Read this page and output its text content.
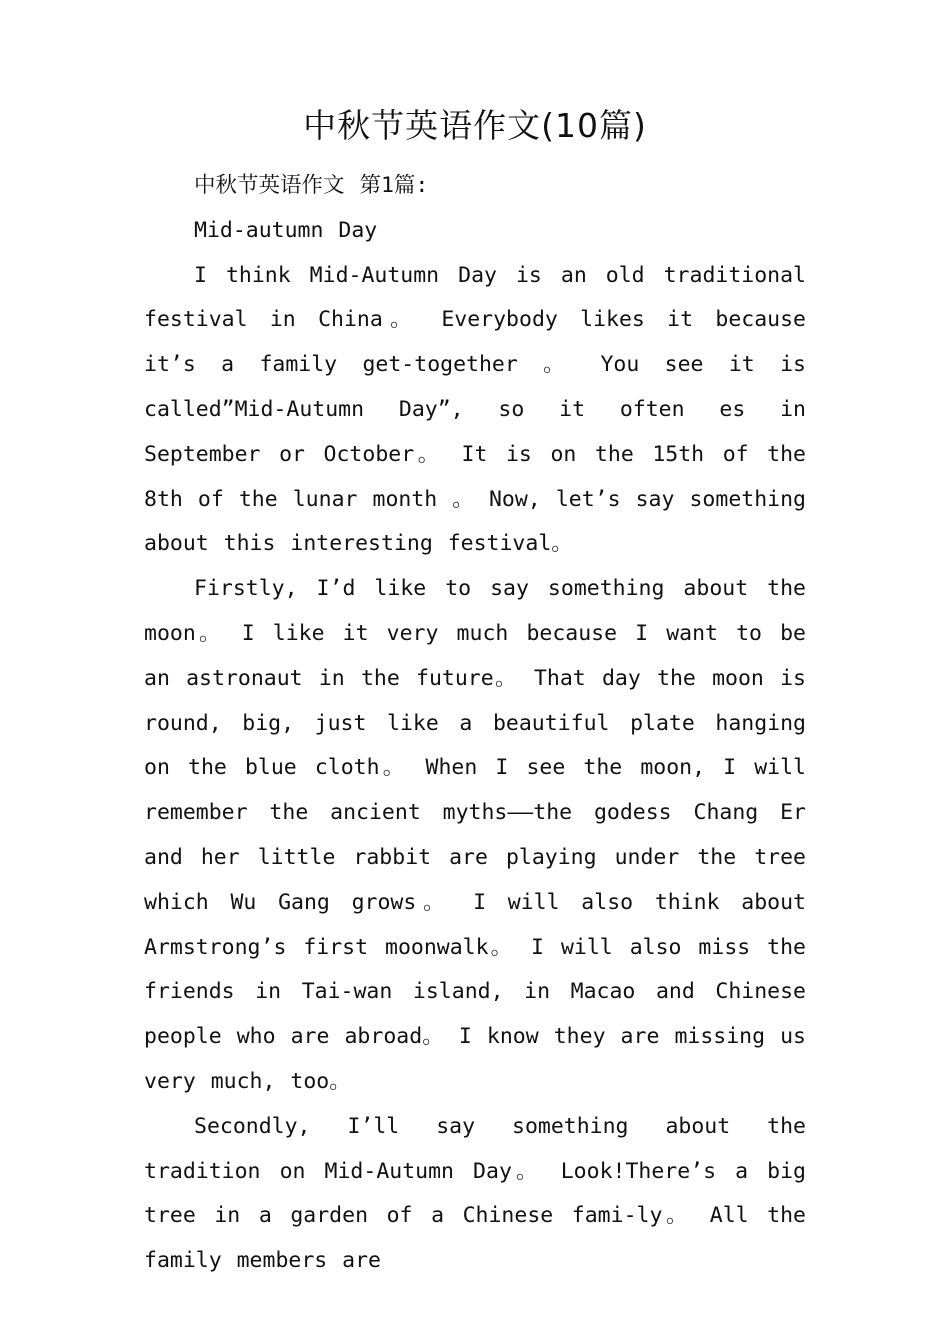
中秋节英语作文(10篇)

中秋节英语作文 第1篇:

Mid-autumn Day

I think Mid-Autumn Day is an old traditional festival in China。 Everybody likes it because it’s a family get-together 。 You see it is called”Mid-Autumn Day”, so it often es in September or October。 It is on the 15th of the 8th of the lunar month 。 Now, let’s say something about this interesting festival。

Firstly, I’d like to say something about the moon。 I like it very much because I want to be an astronaut in the future。 That day the moon is round, big, just like a beautiful plate hanging on the blue cloth。 When I see the moon, I will remember the ancient myths——the godess Chang Er and her little rabbit are playing under the tree which Wu Gang grows。 I will also think about Armstrong’s first moonwalk。 I will also miss the friends in Tai-wan island, in Macao and Chinese people who are abroad。 I know they are missing us very much, too。

Secondly, I’ll say something about the tradition on Mid-Autumn Day。 Look!There’s a big tree in a garden of a Chinese fami-ly。 All the family members are
